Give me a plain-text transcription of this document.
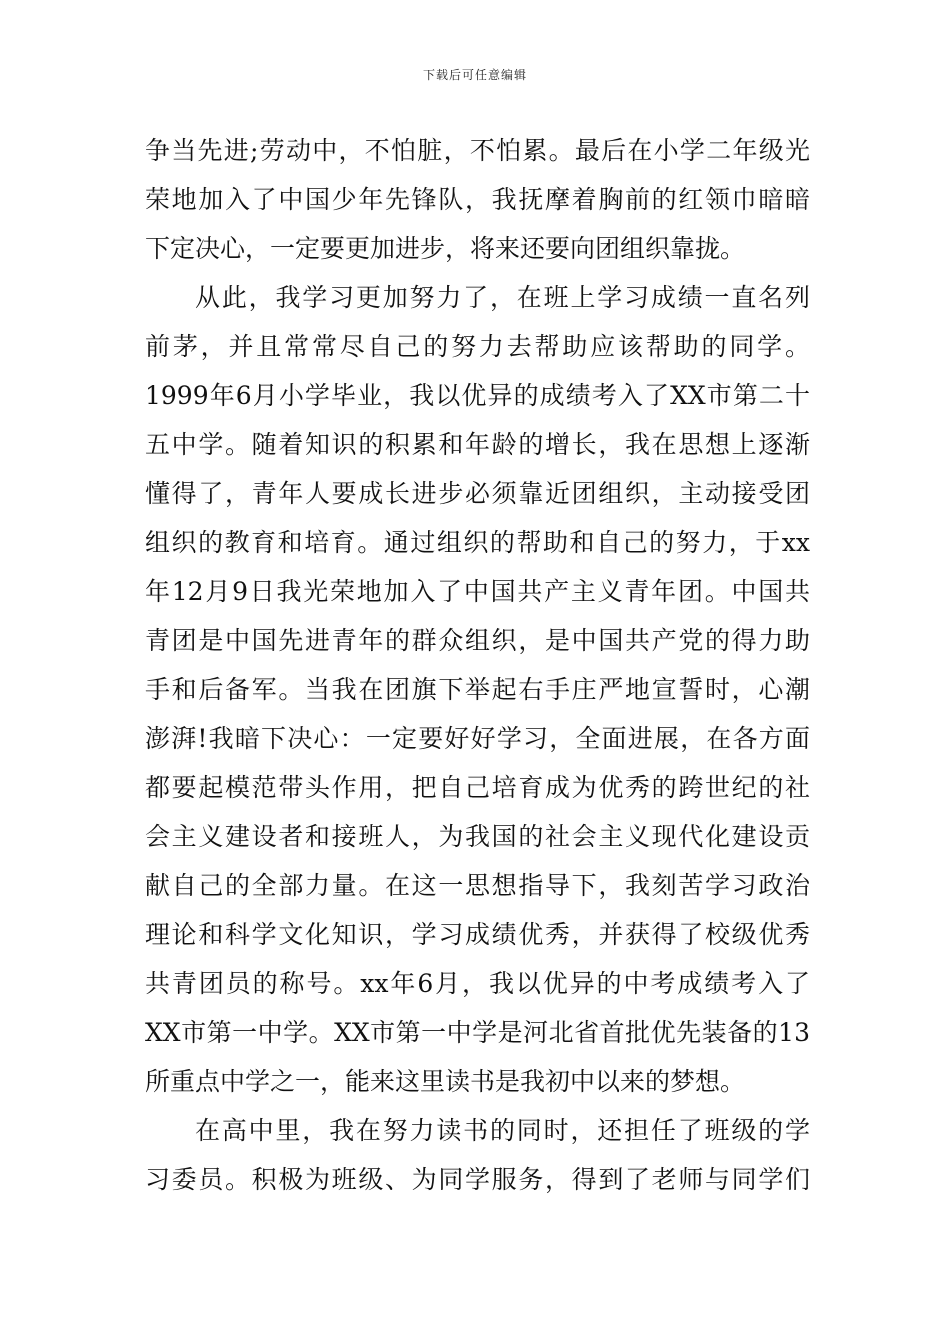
下载后可任意编辑
争当先进;劳动中，不怕脏，不怕累。最后在小学二年级光
荣地加入了中国少年先锋队，我抚摩着胸前的红领巾暗暗
下定决心，一定要更加进步，将来还要向团组织靠拢。
从此，我学习更加努力了，在班上学习成绩一直名列
前茅，并且常常尽自己的努力去帮助应该帮助的同学。
1999年6月小学毕业，我以优异的成绩考入了XX市第二十
五中学。随着知识的积累和年龄的增长，我在思想上逐渐
懂得了，青年人要成长进步必须靠近团组织，主动接受团
组织的教育和培育。通过组织的帮助和自己的努力，于xx
年12月9日我光荣地加入了中国共产主义青年团。中国共
青团是中国先进青年的群众组织，是中国共产党的得力助
手和后备军。当我在团旗下举起右手庄严地宣誓时，心潮
澎湃!我暗下决心：一定要好好学习，全面进展，在各方面
都要起模范带头作用，把自己培育成为优秀的跨世纪的社
会主义建设者和接班人，为我国的社会主义现代化建设贡
献自己的全部力量。在这一思想指导下，我刻苦学习政治
理论和科学文化知识，学习成绩优秀，并获得了校级优秀
共青团员的称号。xx年6月，我以优异的中考成绩考入了
XX市第一中学。XX市第一中学是河北省首批优先装备的13
所重点中学之一，能来这里读书是我初中以来的梦想。
在高中里，我在努力读书的同时，还担任了班级的学
习委员。积极为班级、为同学服务，得到了老师与同学们
